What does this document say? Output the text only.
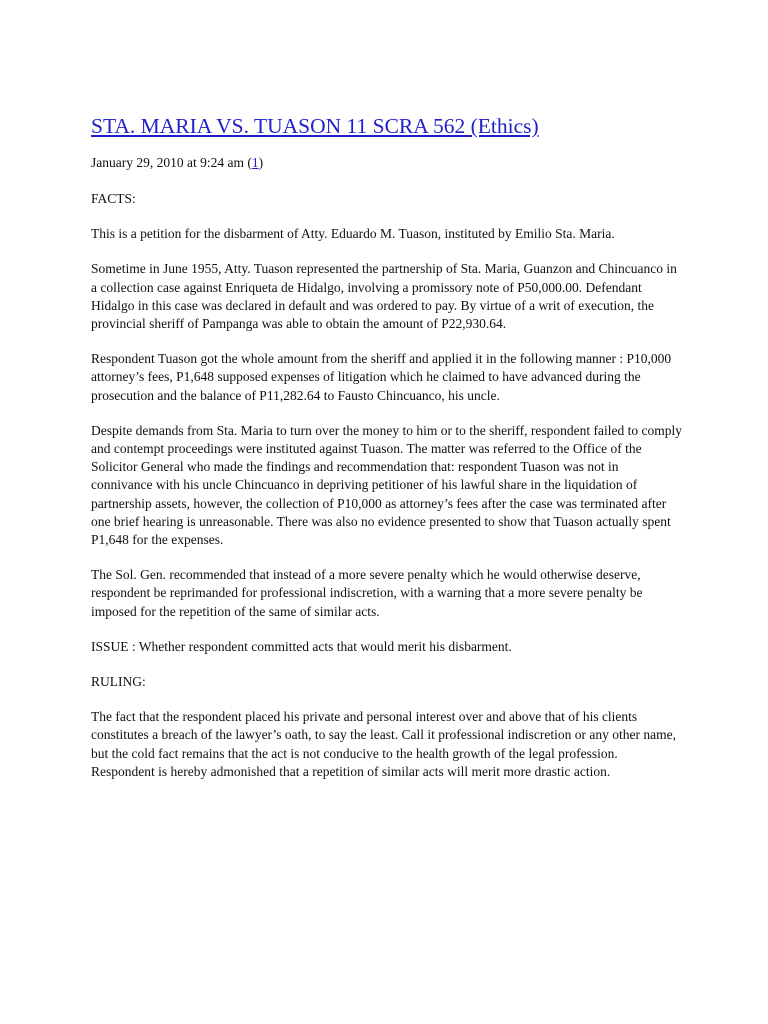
STA. MARIA VS. TUASON 11 SCRA 562 (Ethics)
January 29, 2010 at 9:24 am (1)

FACTS:

This is a petition for the disbarment of Atty. Eduardo M. Tuason, instituted by Emilio Sta. Maria.

Sometime in June 1955, Atty. Tuason represented the partnership of Sta. Maria, Guanzon and Chincuanco in a collection case against Enriqueta de Hidalgo, involving a promissory note of P50,000.00. Defendant Hidalgo in this case was declared in default and was ordered to pay. By virtue of a writ of execution, the provincial sheriff of Pampanga was able to obtain the amount of P22,930.64.

Respondent Tuason got the whole amount from the sheriff and applied it in the following manner : P10,000 attorney’s fees, P1,648 supposed expenses of litigation which he claimed to have advanced during the prosecution and the balance of P11,282.64 to Fausto Chincuanco, his uncle.

Despite demands from Sta. Maria to turn over the money to him or to the sheriff, respondent failed to comply and contempt proceedings were instituted against Tuason. The matter was referred to the Office of the Solicitor General who made the findings and recommendation that: respondent Tuason was not in connivance with his uncle Chincuanco in depriving petitioner of his lawful share in the liquidation of partnership assets, however, the collection of P10,000 as attorney’s fees after the case was terminated after one brief hearing is unreasonable. There was also no evidence presented to show that Tuason actually spent P1,648 for the expenses.

The Sol. Gen. recommended that instead of a more severe penalty which he would otherwise deserve, respondent be reprimanded for professional indiscretion, with a warning that a more severe penalty be imposed for the repetition of the same of similar acts.

ISSUE : Whether respondent committed acts that would merit his disbarment.

RULING:

The fact that the respondent placed his private and personal interest over and above that of his clients constitutes a breach of the lawyer’s oath, to say the least. Call it professional indiscretion or any other name, but the cold fact remains that the act is not conducive to the health growth of the legal profession. Respondent is hereby admonished that a repetition of similar acts will merit more drastic action.
